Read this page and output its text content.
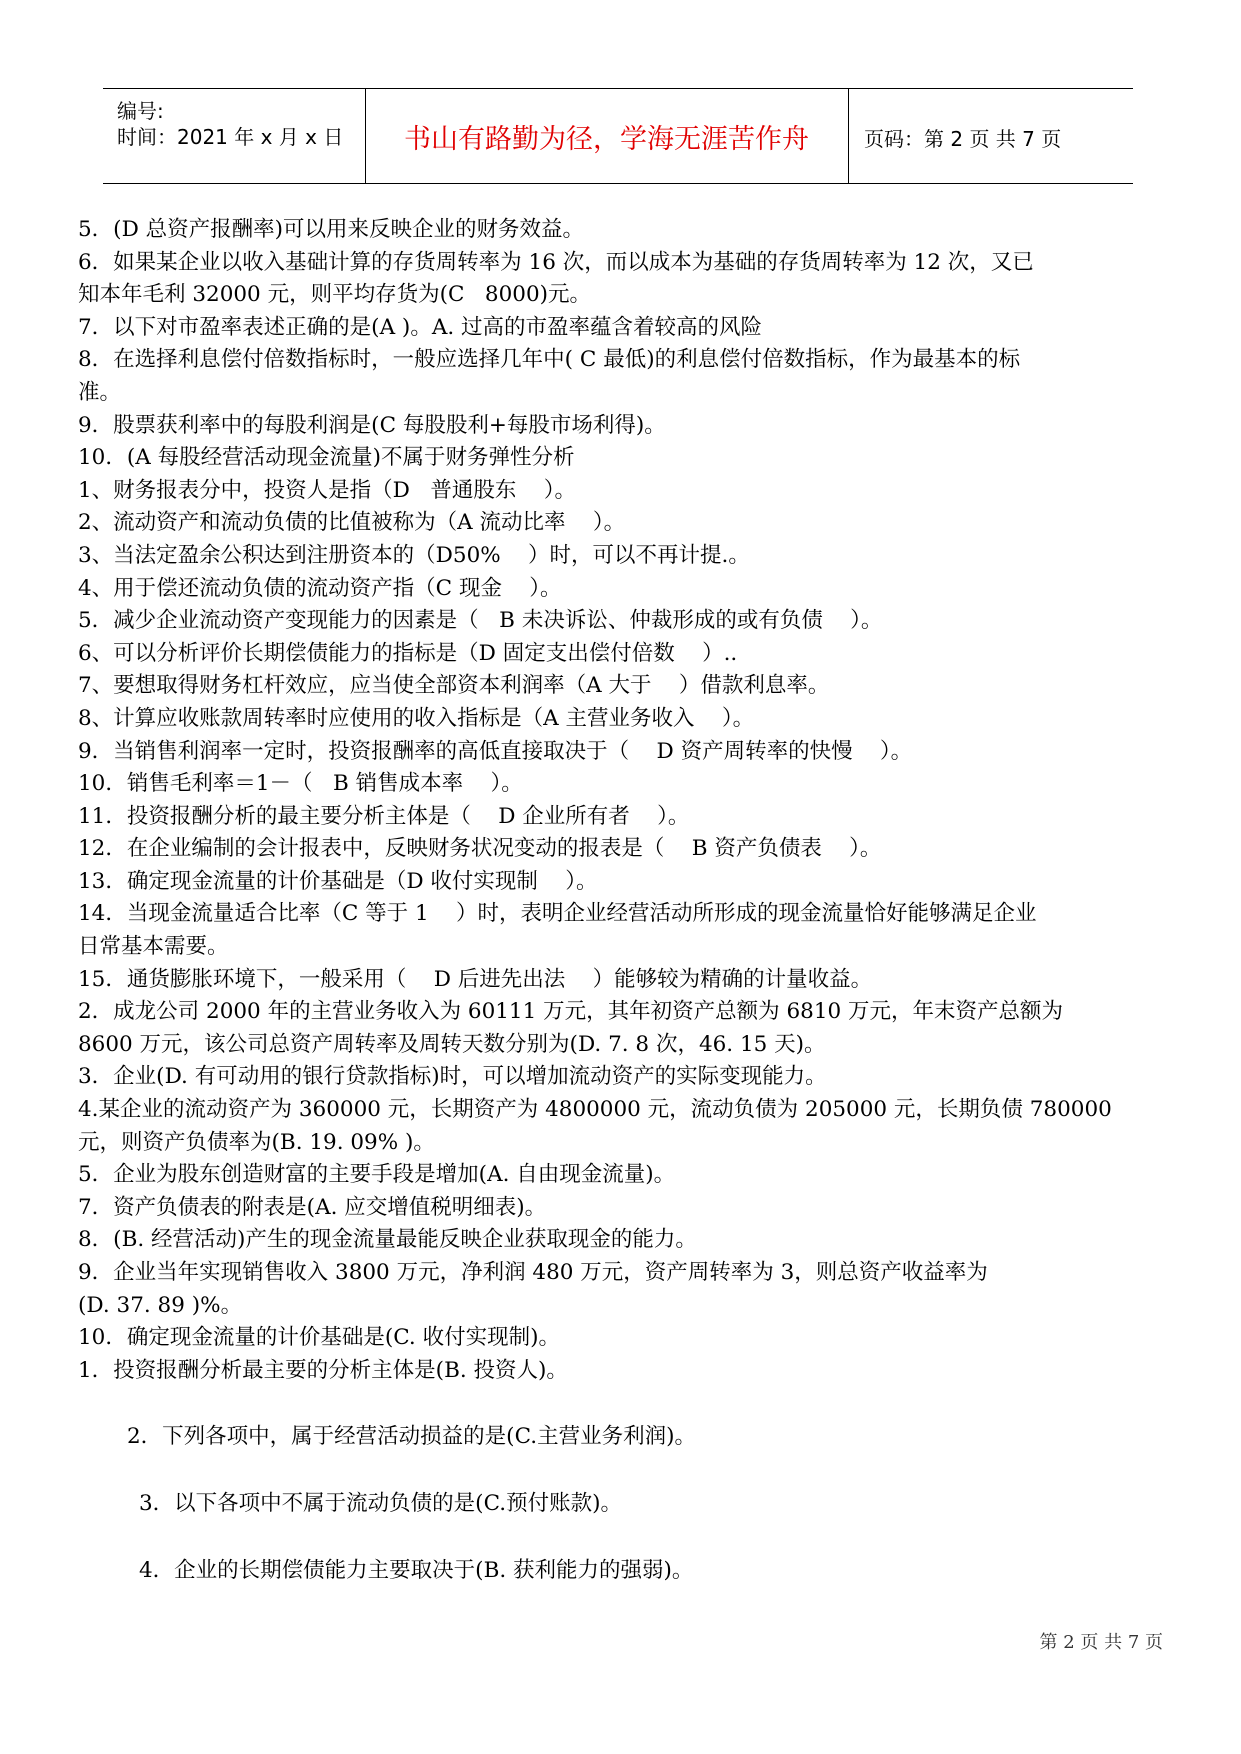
编号:
时间：2021 年 x 月 x 日	书山有路勤为径，学海无涯苦作舟	页码：第 2 页 共 7 页
5．(D 总资产报酬率)可以用来反映企业的财务效益。
6．如果某企业以收入基础计算的存货周转率为 16 次，而以成本为基础的存货周转率为 12 次，又已
知本年毛利 32000 元，则平均存货为(C   8000)元。
7．以下对市盈率表述正确的是(A )。A. 过高的市盈率蕴含着较高的风险
8．在选择利息偿付倍数指标时，一般应选择几年中( C 最低)的利息偿付倍数指标，作为最基本的标
准。
9．股票获利率中的每股利润是(C 每股股利+每股市场利得)。
10．(A 每股经营活动现金流量)不属于财务弹性分析
1、财务报表分中，投资人是指（D   普通股东    ）。
2、流动资产和流动负债的比值被称为（A 流动比率    ）。
3、当法定盈余公积达到注册资本的（D50%    ）时，可以不再计提.。
4、用于偿还流动负债的流动资产指（C 现金    ）。
5．减少企业流动资产变现能力的因素是（   B 未决诉讼、仲裁形成的或有负债    ）。
6、可以分析评价长期偿债能力的指标是（D 固定支出偿付倍数    ）..
7、要想取得财务杠杆效应，应当使全部资本利润率（A 大于    ）借款利息率。
8、计算应收账款周转率时应使用的收入指标是（A 主营业务收入    ）。
9．当销售利润率一定时，投资报酬率的高低直接取决于（    D 资产周转率的快慢    ）。
10．销售毛利率＝1－（   B 销售成本率    ）。
11．投资报酬分析的最主要分析主体是（    D 企业所有者    ）。
12．在企业编制的会计报表中，反映财务状况变动的报表是（    B 资产负债表    ）。
13．确定现金流量的计价基础是（D 收付实现制    ）。
14．当现金流量适合比率（C 等于 1    ）时，表明企业经营活动所形成的现金流量恰好能够满足企业
日常基本需要。
15．通货膨胀环境下，一般采用（    D 后进先出法    ）能够较为精确的计量收益。
2．成龙公司 2000 年的主营业务收入为 60111 万元，其年初资产总额为 6810 万元，年末资产总额为
8600 万元，该公司总资产周转率及周转天数分别为(D. 7. 8 次，46. 15 天)。
3．企业(D. 有可动用的银行贷款指标)时，可以增加流动资产的实际变现能力。
4.某企业的流动资产为 360000 元，长期资产为 4800000 元，流动负债为 205000 元，长期负债 780000
元，则资产负债率为(B. 19. 09% )。
5．企业为股东创造财富的主要手段是增加(A. 自由现金流量)。
7．资产负债表的附表是(A. 应交增值税明细表)。
8．(B. 经营活动)产生的现金流量最能反映企业获取现金的能力。
9．企业当年实现销售收入 3800 万元，净利润 480 万元，资产周转率为 3，则总资产收益率为
(D. 37. 89 )%。
10．确定现金流量的计价基础是(C. 收付实现制)。
1．投资报酬分析最主要的分析主体是(B. 投资人)。
2．下列各项中，属于经营活动损益的是(C.主营业务利润)。
3．以下各项中不属于流动负债的是(C.预付账款)。
4．企业的长期偿债能力主要取决于(B. 获利能力的强弱)。
第 2 页 共 7 页
